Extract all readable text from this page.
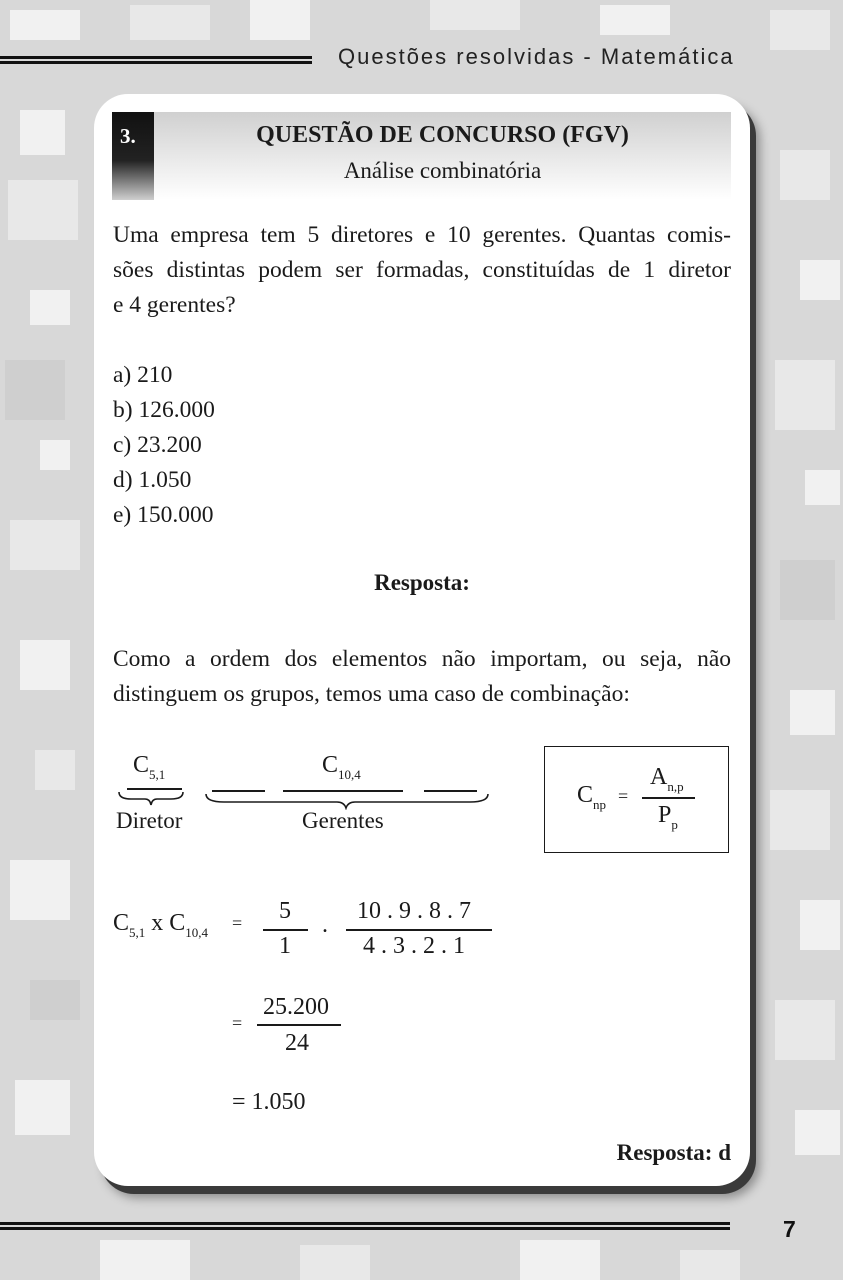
Questões resolvidas - Matemática
3.	QUESTÃO DE CONCURSO (FGV)
Análise combinatória
Uma empresa tem 5 diretores e 10 gerentes. Quantas comis-
sões distintas podem ser formadas, constituídas de 1 diretor
e 4 gerentes?
a) 210
b) 126.000
c) 23.200
d) 1.050
e) 150.000
Resposta:
Como a ordem dos elementos não importam, ou seja, não
distinguem os grupos, temos uma caso de combinação:
$C_{5,1}$
Diretor
$C_{10,4}$
Gerentes
$C_{np}$ =
$A_{n,p}$
$P_p$
$C_{5,1}$ x $C_{10,4} = 5$
1
.
10 . 9 . 8 . 7
4 . 3 . 2 . 1
=
25.200
24
= 1.050
Resposta: d
7
